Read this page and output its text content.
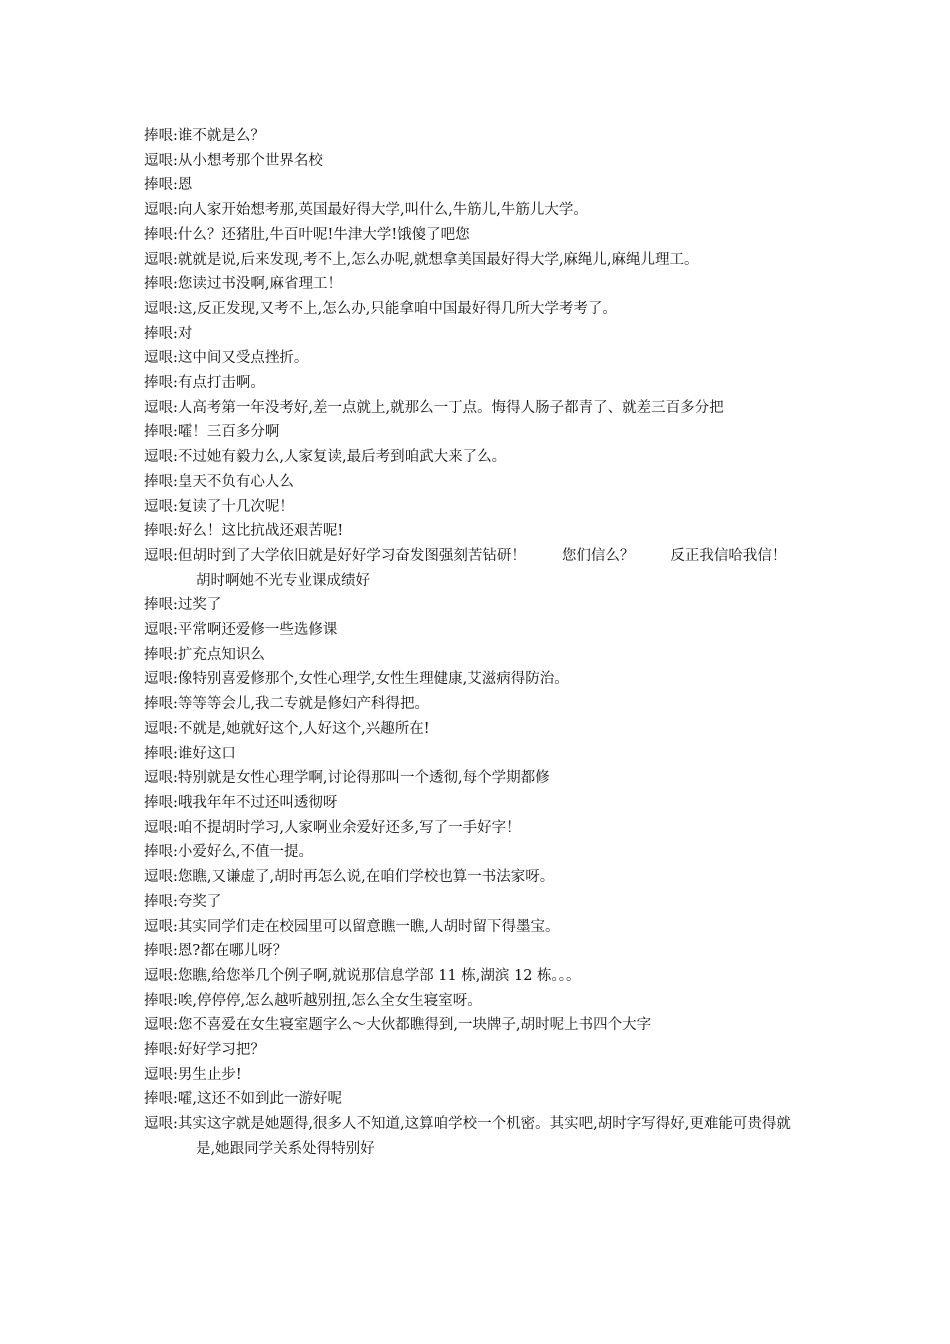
捧哏:谁不就是么？
逗哏:从小想考那个世界名校
捧哏:恩
逗哏:向人家开始想考那,英国最好得大学,叫什么,牛筋儿,牛筋儿大学。
捧哏:什么？还猪肚,牛百叶呢!牛津大学!饿傻了吧您
逗哏:就就是说,后来发现,考不上,怎么办呢,就想拿美国最好得大学,麻绳儿,麻绳儿理工。
捧哏:您读过书没啊,麻省理工！
逗哏:这,反正发现,又考不上,怎么办,只能拿咱中国最好得几所大学考考了。
捧哏:对
逗哏:这中间又受点挫折。
捧哏:有点打击啊。
逗哏:人高考第一年没考好,差一点就上,就那么一丁点。悔得人肠子都青了、就差三百多分把
捧哏:嚯！三百多分啊
逗哏:不过她有毅力么,人家复读,最后考到咱武大来了么。
捧哏:皇天不负有心人么
逗哏:复读了十几次呢！
捧哏:好么！这比抗战还艰苦呢!
逗哏:但胡时到了大学依旧就是好好学习奋发图强刻苦钻研！ 您们信么？ 反正我信哈我信！
胡时啊她不光专业课成绩好
捧哏:过奖了
逗哏:平常啊还爱修一些选修课
捧哏:扩充点知识么
逗哏:像特别喜爱修那个,女性心理学,女性生理健康,艾滋病得防治。
捧哏:等等等会儿,我二专就是修妇产科得把。
逗哏:不就是,她就好这个,人好这个,兴趣所在!
捧哏:谁好这口
逗哏:特别就是女性心理学啊,讨论得那叫一个透彻,每个学期都修
捧哏:哦我年年不过还叫透彻呀
逗哏:咱不提胡时学习,人家啊业余爱好还多,写了一手好字！
捧哏:小爱好么,不值一提。
逗哏:您瞧,又谦虚了,胡时再怎么说,在咱们学校也算一书法家呀。
捧哏:夸奖了
逗哏:其实同学们走在校园里可以留意瞧一瞧,人胡时留下得墨宝。
捧哏:恩?都在哪儿呀？
逗哏:您瞧,给您举几个例子啊,就说那信息学部 11 栋,湖滨 12 栋。。。
捧哏:唉,停停停,怎么越听越别扭,怎么全女生寝室呀。
逗哏:您不喜爱在女生寝室题字么～大伙都瞧得到,一块牌子,胡时呢上书四个大字
捧哏:好好学习把？
逗哏:男生止步!
捧哏:嚯,这还不如到此一游好呢
逗哏:其实这字就是她题得,很多人不知道,这算咱学校一个机密。其实吧,胡时字写得好,更难能可贵得就是,她跟同学关系处得特别好
